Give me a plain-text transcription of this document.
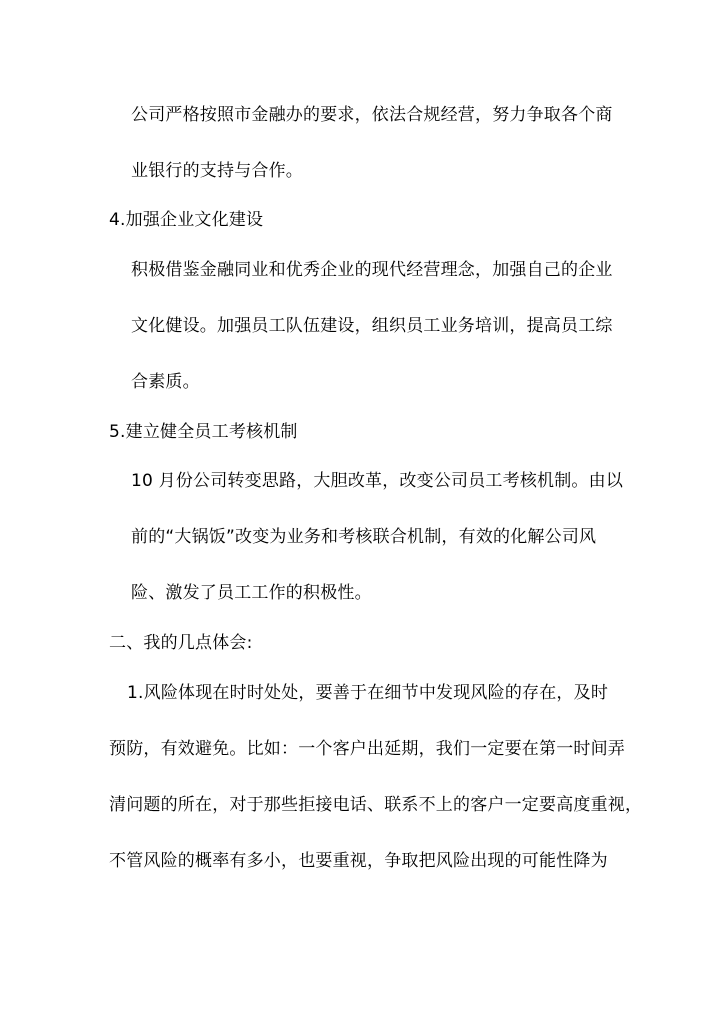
公司严格按照市金融办的要求，依法合规经营，努力争取各个商
业银行的支持与合作。
4.加强企业文化建设
积极借鉴金融同业和优秀企业的现代经营理念，加强自己的企业
文化健设。加强员工队伍建设，组织员工业务培训，提高员工综
合素质。
5.建立健全员工考核机制
10 月份公司转变思路，大胆改革，改变公司员工考核机制。由以
前的“大锅饭”改变为业务和考核联合机制，有效的化解公司风
险、激发了员工工作的积极性。
二、我的几点体会:
1.风险体现在时时处处，要善于在细节中发现风险的存在，及时
预防，有效避免。比如：一个客户出延期，我们一定要在第一时间弄
清问题的所在，对于那些拒接电话、联系不上的客户一定要高度重视，
不管风险的概率有多小，也要重视，争取把风险出现的可能性降为
